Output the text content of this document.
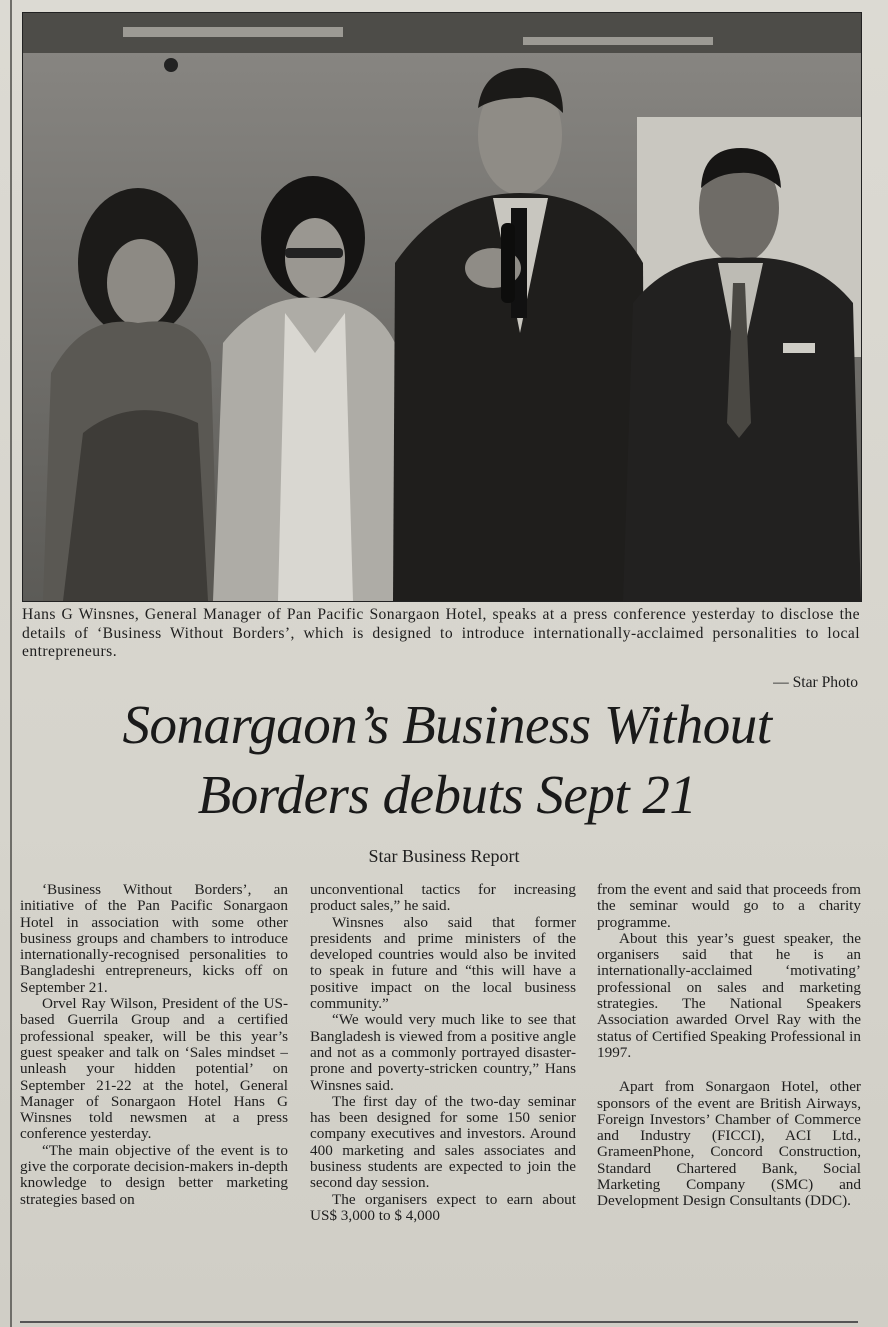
Hans G Winsnes, General Manager of Pan Pacific Sonargaon Hotel, speaks at a press conference yesterday to disclose the details of ‘Business Without Borders’, which is designed to introduce internationally-acclaimed personalities to local entrepreneurs.
— Star Photo
Sonargaon’s Business Without
Borders debuts Sept 21
Star Business Report

‘Business Without Borders’, an initiative of the Pan Pacific Sonargaon Hotel in association with some other business groups and chambers to introduce internationally-recognised personalities to Bangladeshi entrepreneurs, kicks off on September 21.

Orvel Ray Wilson, President of the US-based Guerrila Group and a certified professional speaker, will be this year’s guest speaker and talk on ‘Sales mindset – unleash your hidden potential’ on September 21-22 at the hotel, General Manager of Sonargaon Hotel Hans G Winsnes told newsmen at a press conference yesterday.

“The main objective of the event is to give the corporate decision-makers in-depth knowledge to design better marketing strategies based on

unconventional tactics for increasing product sales,” he said.

Winsnes also said that former presidents and prime ministers of the developed countries would also be invited to speak in future and “this will have a positive impact on the local business community.”

“We would very much like to see that Bangladesh is viewed from a positive angle and not as a commonly portrayed disaster-prone and poverty-stricken country,” Hans Winsnes said.

The first day of the two-day seminar has been designed for some 150 senior company executives and investors. Around 400 marketing and sales associates and business students are expected to join the second day session.

The organisers expect to earn about US$ 3,000 to $ 4,000

from the event and said that proceeds from the seminar would go to a charity programme.

About this year’s guest speaker, the organisers said that he is an internationally-acclaimed ‘motivating’ professional on sales and marketing strategies. The National Speakers Association awarded Orvel Ray with the status of Certified Speaking Professional in 1997.

Apart from Sonargaon Hotel, other sponsors of the event are British Airways, Foreign Investors’ Chamber of Commerce and Industry (FICCI), ACI Ltd., GrameenPhone, Concord Construction, Standard Chartered Bank, Social Marketing Company (SMC) and Development Design Consultants (DDC).
